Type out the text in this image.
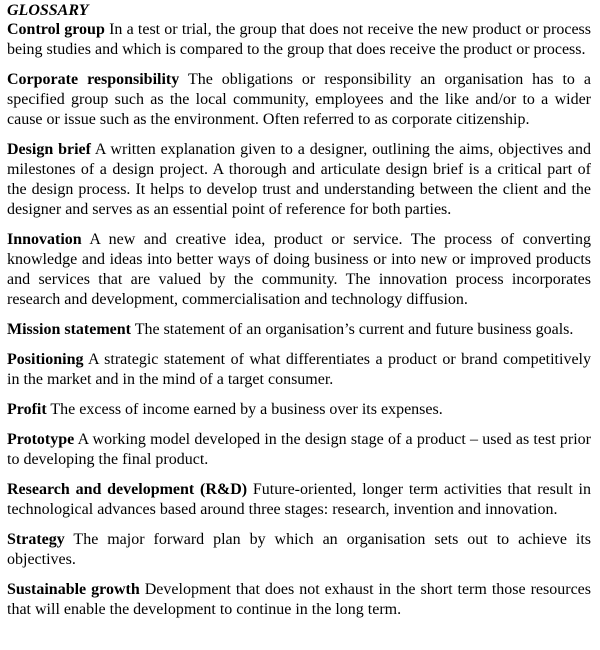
GLOSSARY

Control group In a test or trial, the group that does not receive the new product or process being studies and which is compared to the group that does receive the product or process.

Corporate responsibility The obligations or responsibility an organisation has to a specified group such as the local community, employees and the like and/or to a wider cause or issue such as the environment. Often referred to as corporate citizenship.

Design brief A written explanation given to a designer, outlining the aims, objectives and milestones of a design project. A thorough and articulate design brief is a critical part of the design process. It helps to develop trust and understanding between the client and the designer and serves as an essential point of reference for both parties.

Innovation A new and creative idea, product or service. The process of converting knowledge and ideas into better ways of doing business or into new or improved products and services that are valued by the community. The innovation process incorporates research and development, commercialisation and technology diffusion.

Mission statement The statement of an organisation’s current and future business goals.

Positioning A strategic statement of what differentiates a product or brand competitively in the market and in the mind of a target consumer.

Profit The excess of income earned by a business over its expenses.

Prototype A working model developed in the design stage of a product – used as test prior to developing the final product.

Research and development (R&D) Future-oriented, longer term activities that result in technological advances based around three stages: research, invention and innovation.

Strategy The major forward plan by which an organisation sets out to achieve its objectives.

Sustainable growth Development that does not exhaust in the short term those resources that will enable the development to continue in the long term.
